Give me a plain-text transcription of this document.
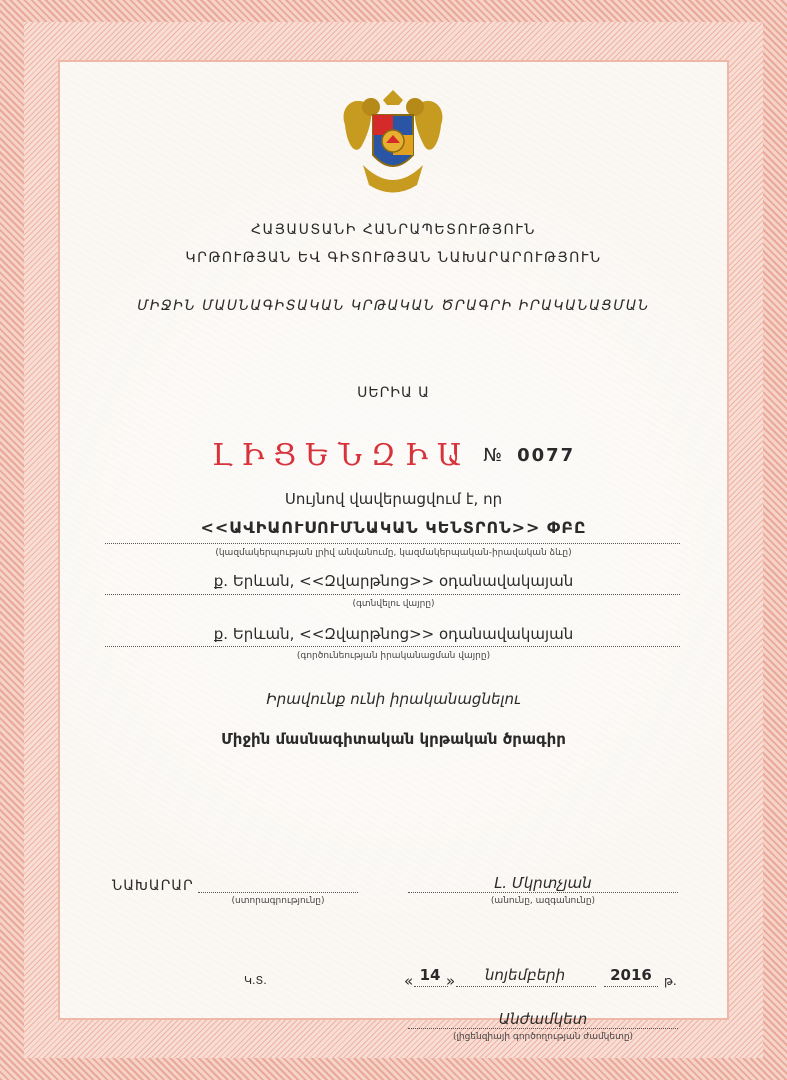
ՀԱՅԱՍՏԱՆԻ ՀԱՆՐԱՊԵՏՈՒԹՅՈՒՆ
ԿՐԹՈՒԹՅԱՆ ԵՎ ԳԻՏՈՒԹՅԱՆ ՆԱԽԱՐԱՐՈՒԹՅՈՒՆ
ՄԻՋԻՆ ՄԱՍՆԱԳԻՏԱԿԱՆ ԿՐԹԱԿԱՆ ԾՐԱԳՐԻ ԻՐԱԿԱՆԱՑՄԱՆ
ՍԵՐԻԱ Ա
ԼԻՑԵՆԶԻԱ № 0077
Սույնով վավերացվում է, որ
<<ԱՎԻԱՈՒՍՈՒՄՆԱԿԱՆ ԿԵՆՏՐՈՆ>> ՓԲԸ
(կազմակերպության լրիվ անվանումը, կազմակերպական-իրավական ձևը)
ք. Երևան, <<Զվարթնոց>> օդանավակայան
(գտնվելու վայրը)
ք. Երևան, <<Զվարթնոց>> օդանավակայան
(գործունեության իրականացման վայրը)
Իրավունք ունի իրականացնելու
Միջին մասնագիտական կրթական ծրագիր
ՆԱԽԱՐԱՐ
(ստորագրությունը)
Լ. Մկրտչյան
(անունը, ազգանունը)
Կ.Տ.	« 14 »	նոյեմբերի	2016 թ.
Անժամկետ
(լիցենզիայի գործողության ժամկետը)
